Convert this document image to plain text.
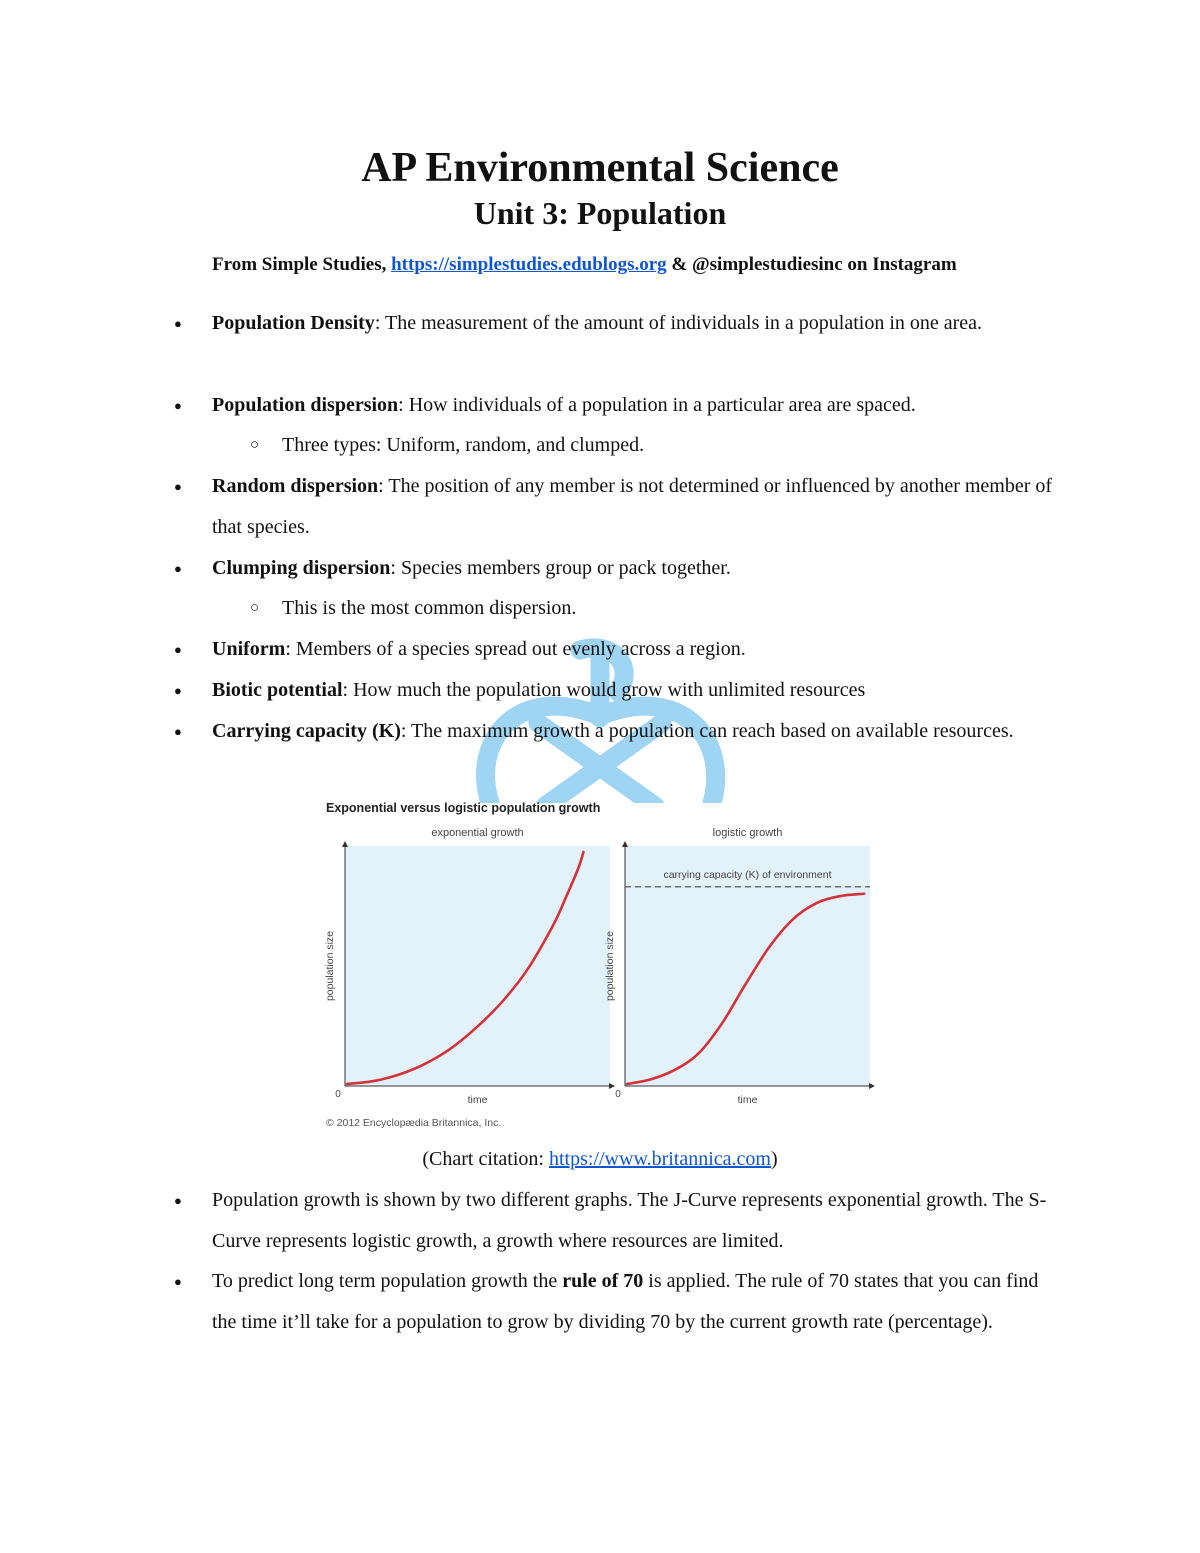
AP Environmental Science
Unit 3: Population
From Simple Studies, https://simplestudies.edublogs.org & @simplestudiesinc on Instagram
● Population Density: The measurement of the amount of individuals in a population in one area.
● Population dispersion: How individuals of a population in a particular area are spaced.
○ Three types: Uniform, random, and clumped.
● Random dispersion: The position of any member is not determined or influenced by another member of that species.
● Clumping dispersion: Species members group or pack together.
○ This is the most common dispersion.
● Uniform: Members of a species spread out evenly across a region.
● Biotic potential: How much the population would grow with unlimited resources
● Carrying capacity (K): The maximum growth a population can reach based on available resources.
Exponential versus logistic population growth
© 2012 Encyclopædia Britannica, Inc.
exponential growth
0	time
population size
logistic growth
0	time
population size
carrying capacity (K) of environment
(Chart citation: https://www.britannica.com)
● Population growth is shown by two different graphs. The J-Curve represents exponential growth. The S-Curve represents logistic growth, a growth where resources are limited.
● To predict long term population growth the rule of 70 is applied. The rule of 70 states that you can find the time it’ll take for a population to grow by dividing 70 by the current growth rate (percentage).
